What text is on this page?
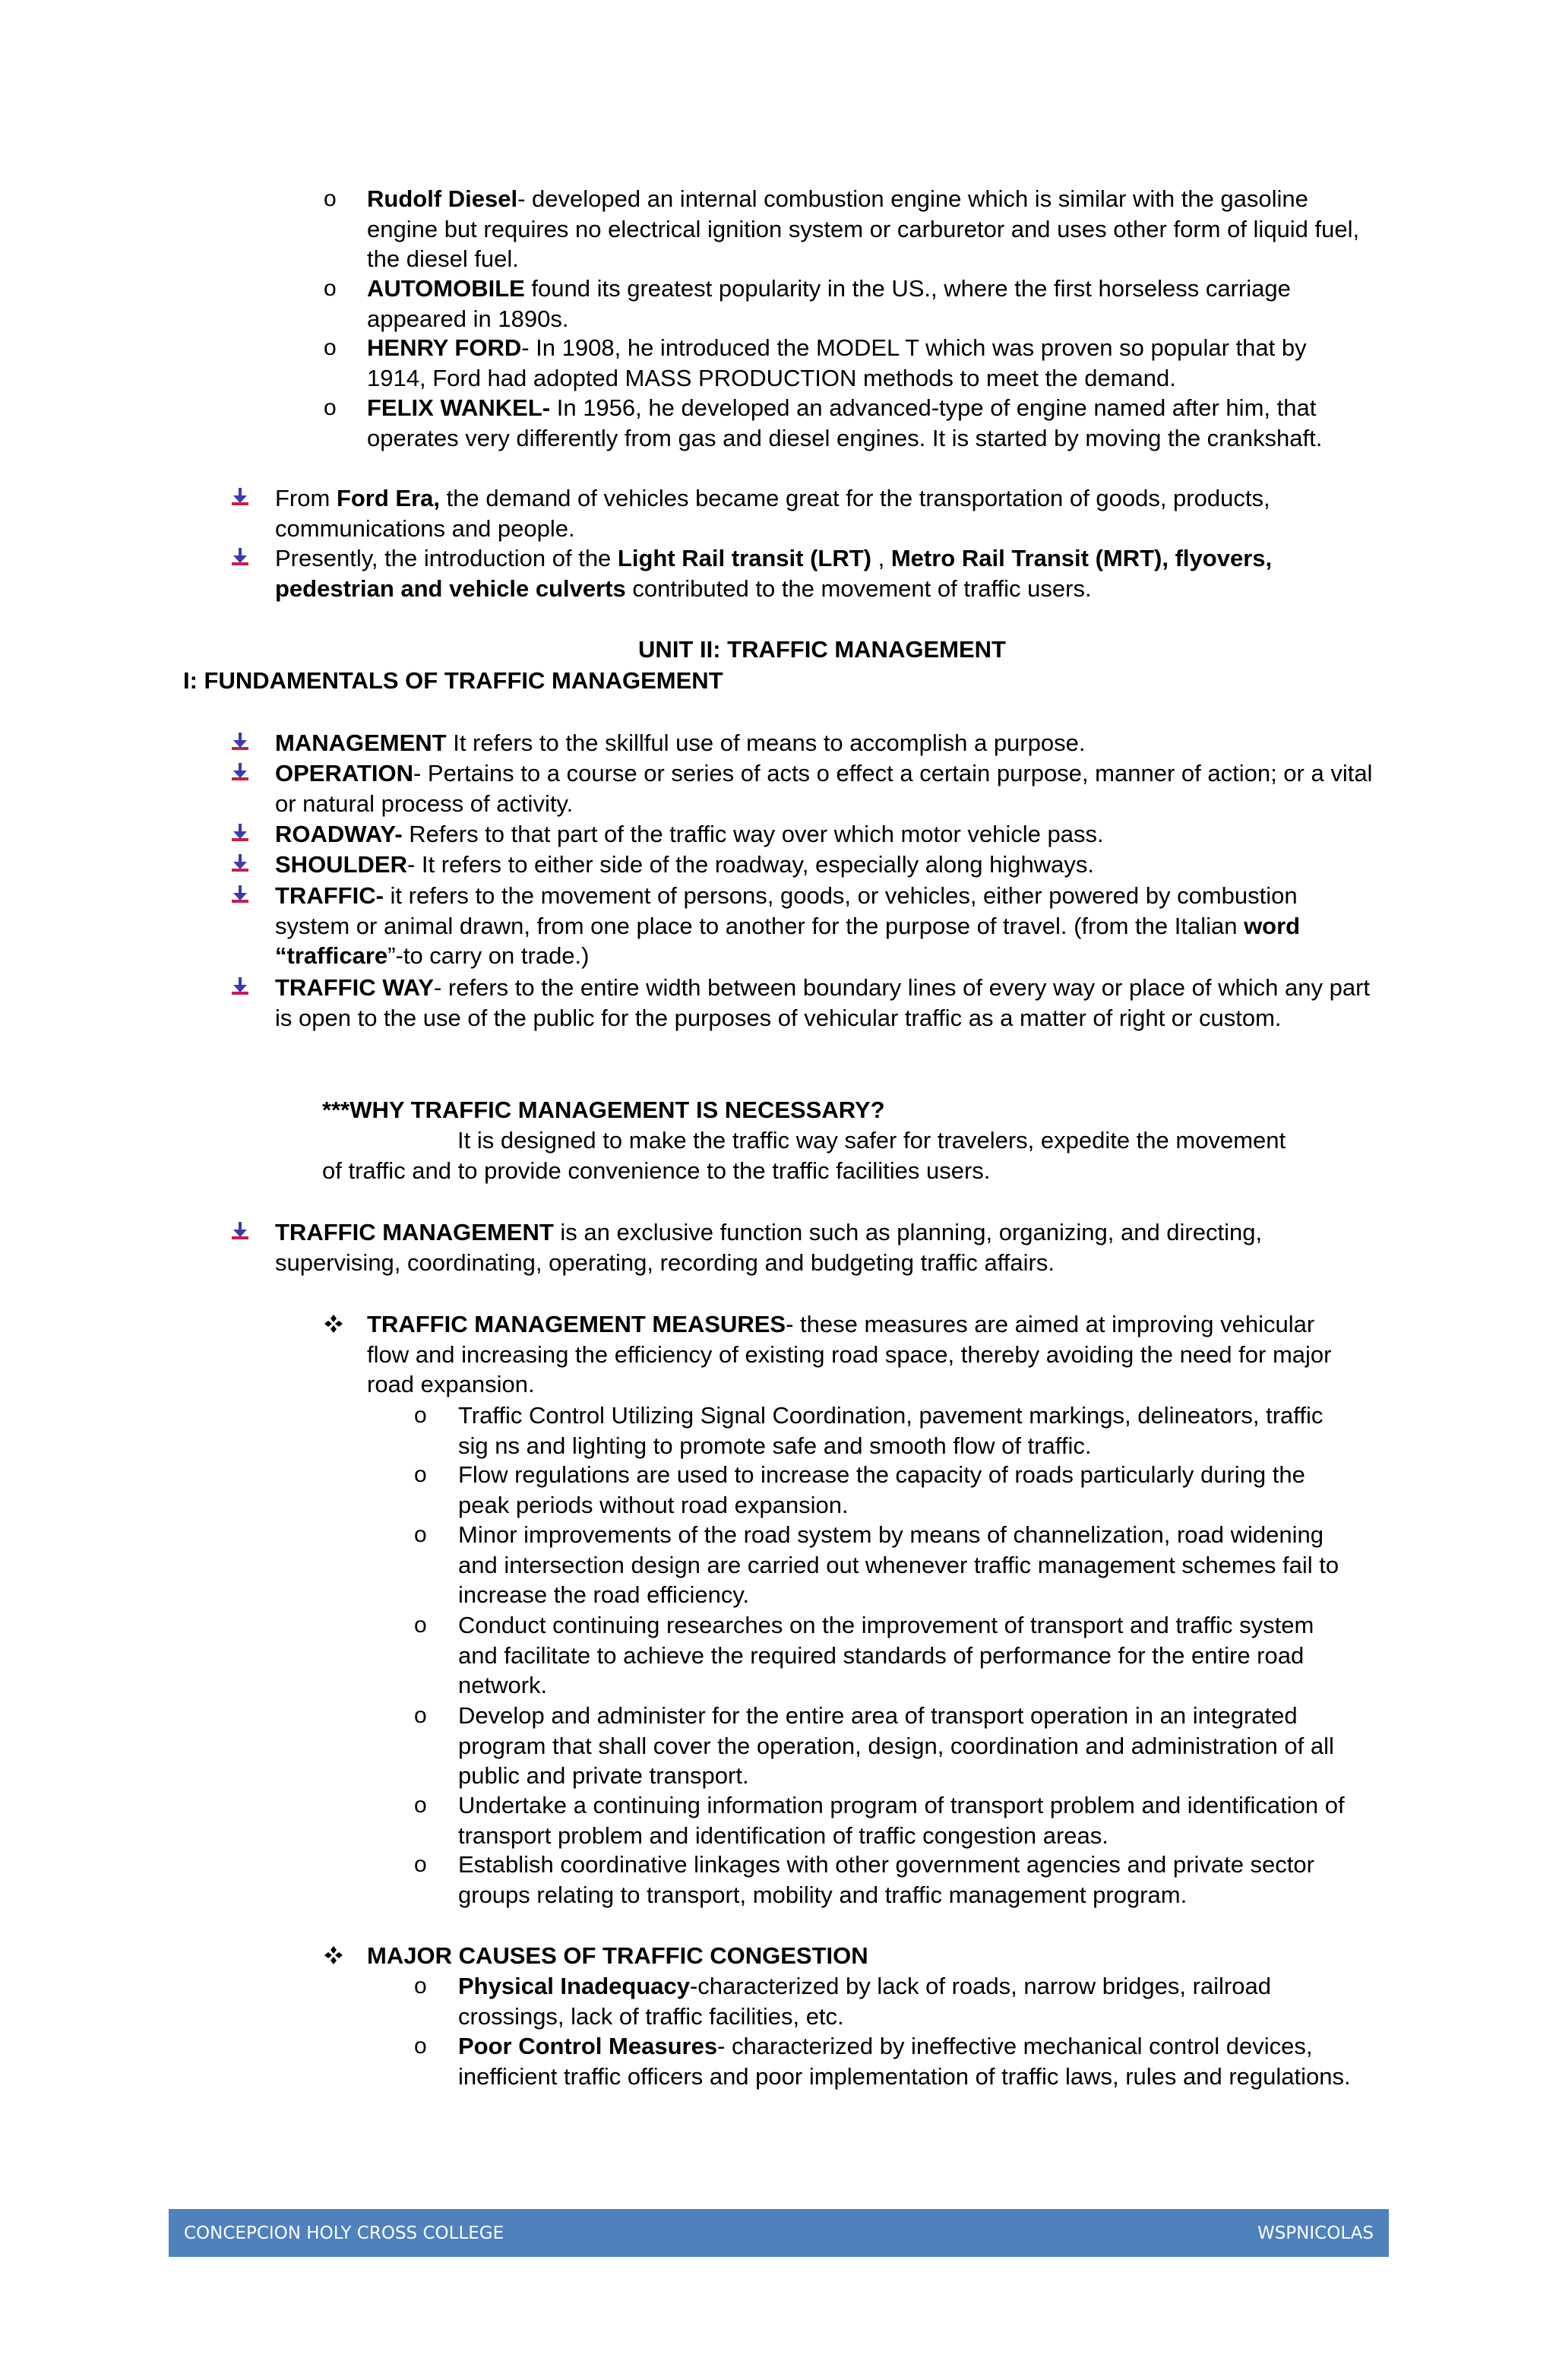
o Rudolf Diesel- developed an internal combustion engine which is similar with the gasoline engine but requires no electrical ignition system or carburetor and uses other form of liquid fuel, the diesel fuel.
o AUTOMOBILE found its greatest popularity in the US., where the first horseless carriage appeared in 1890s.
o HENRY FORD- In 1908, he introduced the MODEL T which was proven so popular that by 1914, Ford had adopted MASS PRODUCTION methods to meet the demand.
o FELIX WANKEL- In 1956, he developed an advanced-type of engine named after him, that operates very differently from gas and diesel engines. It is started by moving the crankshaft.
From Ford Era, the demand of vehicles became great for the transportation of goods, products, communications and people.
Presently, the introduction of the Light Rail transit (LRT) , Metro Rail Transit (MRT), flyovers, pedestrian and vehicle culverts contributed to the movement of traffic users.
UNIT II: TRAFFIC MANAGEMENT
I: FUNDAMENTALS OF TRAFFIC MANAGEMENT
MANAGEMENT It refers to the skillful use of means to accomplish a purpose.
OPERATION- Pertains to a course or series of acts o effect a certain purpose, manner of action; or a vital or natural process of activity.
ROADWAY- Refers to that part of the traffic way over which motor vehicle pass.
SHOULDER- It refers to either side of the roadway, especially along highways.
TRAFFIC- it refers to the movement of persons, goods, or vehicles, either powered by combustion system or animal drawn, from one place to another for the purpose of travel. (from the Italian word “trafficare”-to carry on trade.)
TRAFFIC WAY- refers to the entire width between boundary lines of every way or place of which any part is open to the use of the public for the purposes of vehicular traffic as a matter of right or custom.
***WHY TRAFFIC MANAGEMENT IS NECESSARY?
It is designed to make the traffic way safer for travelers, expedite the movement
of traffic and to provide convenience to the traffic facilities users.
TRAFFIC MANAGEMENT is an exclusive function such as planning, organizing, and directing, supervising, coordinating, operating, recording and budgeting traffic affairs.
TRAFFIC MANAGEMENT MEASURES- these measures are aimed at improving vehicular flow and increasing the efficiency of existing road space, thereby avoiding the need for major road expansion.
o Traffic Control Utilizing Signal Coordination, pavement markings, delineators, traffic sig ns and lighting to promote safe and smooth flow of traffic.
o Flow regulations are used to increase the capacity of roads particularly during the peak periods without road expansion.
o Minor improvements of the road system by means of channelization, road widening and intersection design are carried out whenever traffic management schemes fail to increase the road efficiency.
o Conduct continuing researches on the improvement of transport and traffic system and facilitate to achieve the required standards of performance for the entire road network.
o Develop and administer for the entire area of transport operation in an integrated program that shall cover the operation, design, coordination and administration of all public and private transport.
o Undertake a continuing information program of transport problem and identification of transport problem and identification of traffic congestion areas.
o Establish coordinative linkages with other government agencies and private sector groups relating to transport, mobility and traffic management program.
MAJOR CAUSES OF TRAFFIC CONGESTION
o Physical Inadequacy-characterized by lack of roads, narrow bridges, railroad crossings, lack of traffic facilities, etc.
o Poor Control Measures- characterized by ineffective mechanical control devices, inefficient traffic officers and poor implementation of traffic laws, rules and regulations.
CONCEPCION HOLY CROSS COLLEGE	WSPNICOLAS
